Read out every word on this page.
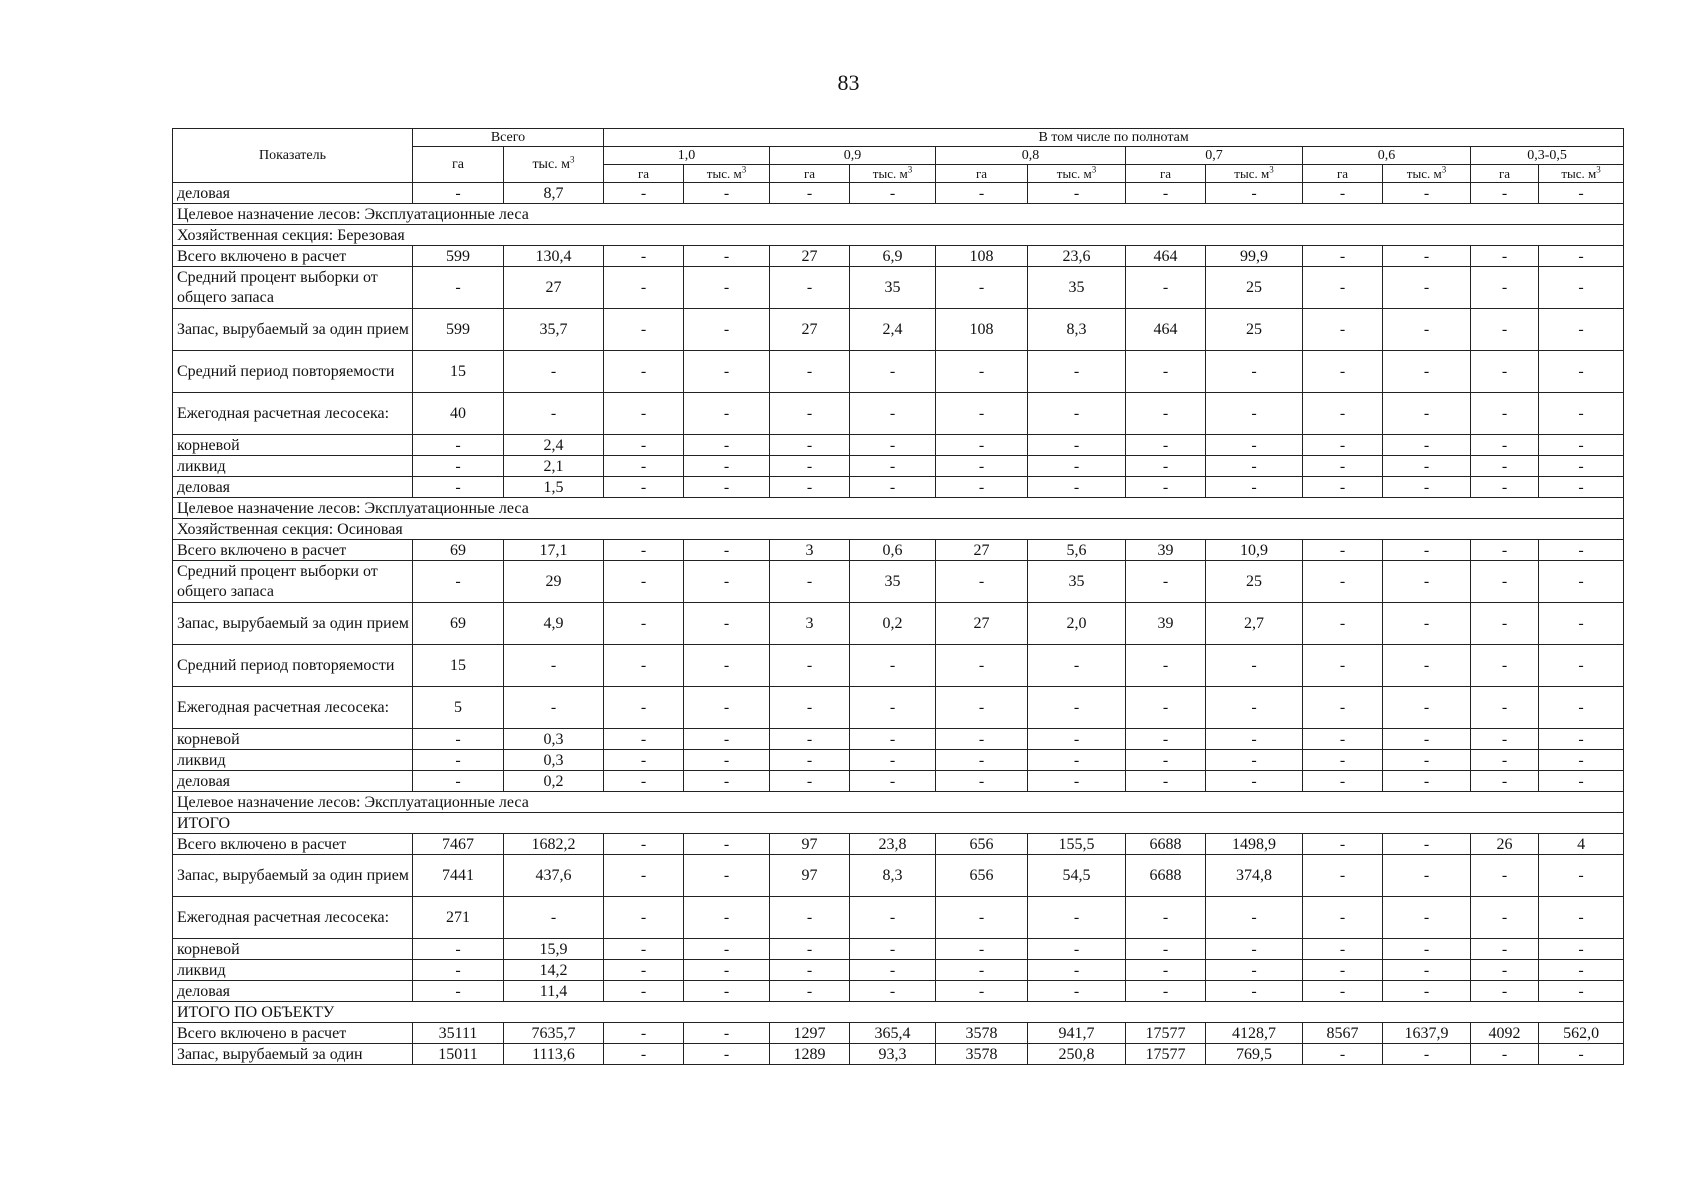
83
Показатель	Всего		В том числе по полнотам											
	га	тыс. $м^3$	1,0		0,9		0,8		0,7		0,6		0,3-0,5	
			га	тыс. $м^3$	га	тыс. $м^3$	га	тыс. $м^3$	га	тыс. $м^3$	га	тыс. $м^3$	га	тыс. $м^3$
деловая	-	8,7	-	-	-	-	-	-	-	-	-	-	-	-
Целевое назначение лесов: Эксплуатационные леса														
Хозяйственная секция: Березовая														
Всего включено в расчет	599	130,4	-	-	27	6,9	108	23,6	464	99,9	-	-	-	-
Средний процент выборки от общего запаса	-	27	-	-	-	35	-	35	-	25	-	-	-	-
Запас, вырубаемый за один прием	599	35,7	-	-	27	2,4	108	8,3	464	25	-	-	-	-
Средний период повторяемости	15	-	-	-	-	-	-	-	-	-	-	-	-	-
Ежегодная расчетная лесосека:	40	-	-	-	-	-	-	-	-	-	-	-	-	-
корневой	-	2,4	-	-	-	-	-	-	-	-	-	-	-	-
ликвид	-	2,1	-	-	-	-	-	-	-	-	-	-	-	-
деловая	-	1,5	-	-	-	-	-	-	-	-	-	-	-	-
Целевое назначение лесов: Эксплуатационные леса														
Хозяйственная секция: Осиновая														
Всего включено в расчет	69	17,1	-	-	3	0,6	27	5,6	39	10,9	-	-	-	-
Средний процент выборки от общего запаса	-	29	-	-	-	35	-	35	-	25	-	-	-	-
Запас, вырубаемый за один прием	69	4,9	-	-	3	0,2	27	2,0	39	2,7	-	-	-	-
Средний период повторяемости	15	-	-	-	-	-	-	-	-	-	-	-	-	-
Ежегодная расчетная лесосека:	5	-	-	-	-	-	-	-	-	-	-	-	-	-
корневой	-	0,3	-	-	-	-	-	-	-	-	-	-	-	-
ликвид	-	0,3	-	-	-	-	-	-	-	-	-	-	-	-
деловая	-	0,2	-	-	-	-	-	-	-	-	-	-	-	-
Целевое назначение лесов: Эксплуатационные леса														
ИТОГО														
Всего включено в расчет	7467	1682,2	-	-	97	23,8	656	155,5	6688	1498,9	-	-	26	4
Запас, вырубаемый за один прием	7441	437,6	-	-	97	8,3	656	54,5	6688	374,8	-	-	-	-
Ежегодная расчетная лесосека:	271	-	-	-	-	-	-	-	-	-	-	-	-	-
корневой	-	15,9	-	-	-	-	-	-	-	-	-	-	-	-
ликвид	-	14,2	-	-	-	-	-	-	-	-	-	-	-	-
деловая	-	11,4	-	-	-	-	-	-	-	-	-	-	-	-
ИТОГО ПО ОБЪЕКТУ														
Всего включено в расчет	35111	7635,7	-	-	1297	365,4	3578	941,7	17577	4128,7	8567	1637,9	4092	562,0
Запас, вырубаемый за один	15011	1113,6	-	-	1289	93,3	3578	250,8	17577	769,5	-	-	-	-
